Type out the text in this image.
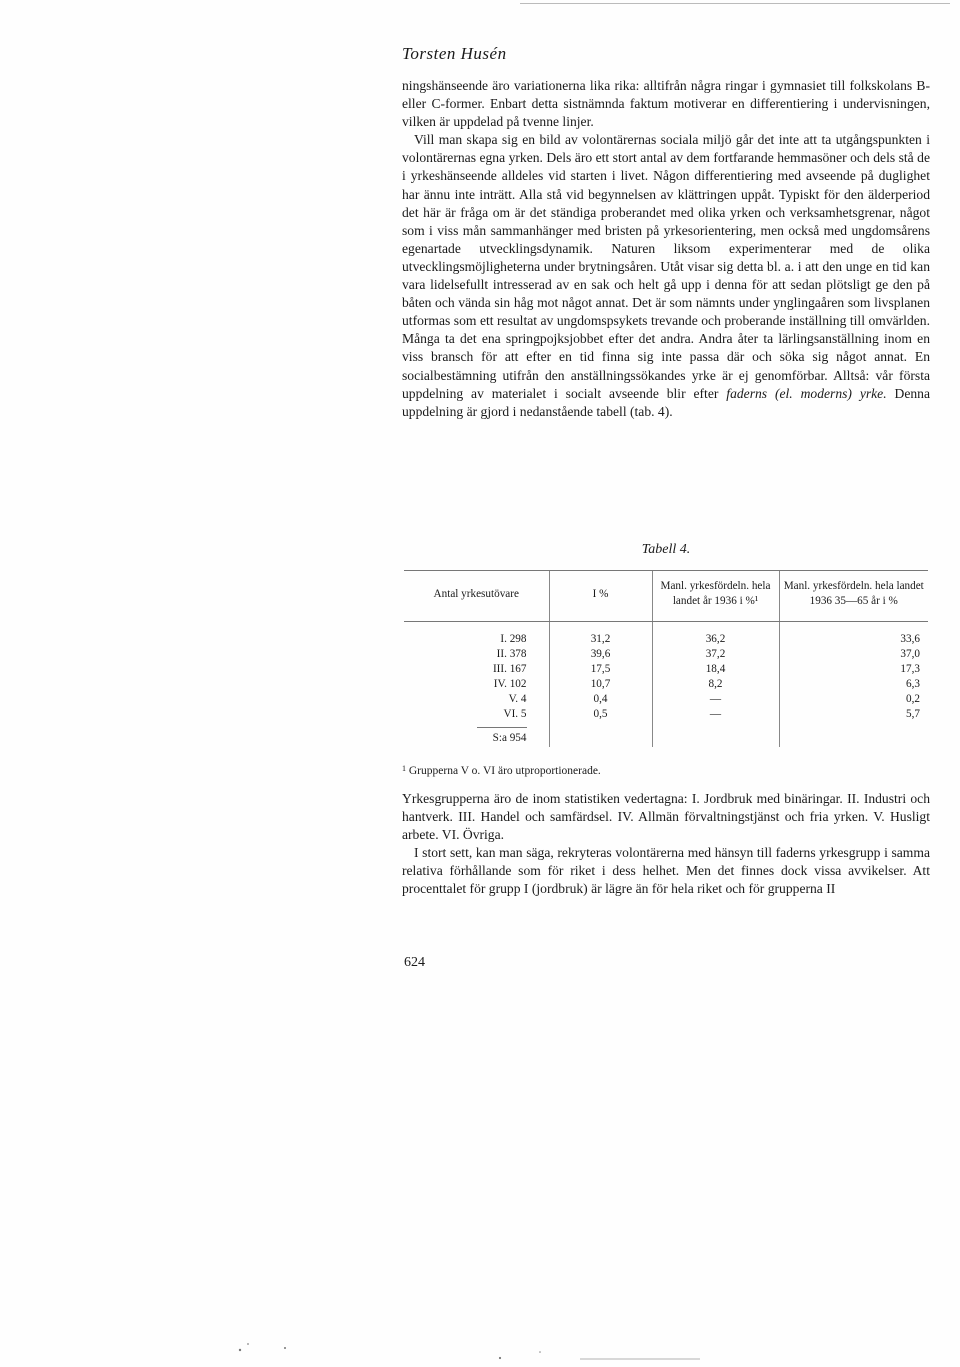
Torsten Husén

ningshänseende äro variationerna lika rika: alltifrån några ringar i gymnasiet till folkskolans B- eller C-former. Enbart detta sistnämnda faktum motiverar en differentiering i undervisningen, vilken är uppdelad på tvenne linjer.

Vill man skapa sig en bild av volontärernas sociala miljö går det inte att ta utgångspunkten i volontärernas egna yrken. Dels äro ett stort antal av dem fortfarande hemmasöner och dels stå de i yrkeshänseende alldeles vid starten i livet. Någon differentiering med avseende på duglighet har ännu inte inträtt. Alla stå vid begynnelsen av klättringen uppåt. Typiskt för den älderperiod det här är fråga om är det ständiga proberandet med olika yrken och verksamhetsgrenar, något som i viss mån sammanhänger med bristen på yrkesorientering, men också med ungdomsårens egenartade utvecklingsdynamik. Naturen liksom experimenterar med de olika utvecklingsmöjligheterna under brytningsåren. Utåt visar sig detta bl. a. i att den unge en tid kan vara lidelsefullt intresserad av en sak och helt gå upp i denna för att sedan plötsligt ge den på båten och vända sin håg mot något annat. Det är som nämnts under ynglingaåren som livsplanen utformas som ett resultat av ungdomspsykets trevande och proberande inställning till omvärlden. Många ta det ena springpojksjobbet efter det andra. Andra åter ta lärlingsanställning inom en viss bransch för att efter en tid finna sig inte passa där och söka sig något annat. En socialbestämning utifrån den anställningssökandes yrke är ej genomförbar. Alltså: vår första uppdelning av materialet i socialt avseende blir efter faderns (el. moderns) yrke. Denna uppdelning är gjord i nedanstående tabell (tab. 4).

Tabell 4.
Antal yrkesutövare	I %	Manl. yrkesfördeln. hela landet år 1936 i %¹	Manl. yrkesfördeln. hela landet 1936 35—65 år i %
I. 298	31,2	36,2	33,6
II. 378	39,6	37,2	37,0
III. 167	17,5	18,4	17,3
IV. 102	10,7	8,2	6,3
V. 4	0,4	—	0,2
VI. 5	0,5	—	5,7
S:a 954			
$^1$ Grupperna V o. VI äro utproportionerade.

Yrkesgrupperna äro de inom statistiken vedertagna: I. Jordbruk med binäringar. II. Industri och hantverk. III. Handel och samfärdsel. IV. Allmän förvaltningstjänst och fria yrken. V. Husligt arbete. VI. Övriga.

I stort sett, kan man säga, rekryteras volontärerna med hänsyn till faderns yrkesgrupp i samma relativa förhållande som för riket i dess helhet. Men det finnes dock vissa avvikelser. Att procenttalet för grupp I (jordbruk) är lägre än för hela riket och för grupperna II

624
